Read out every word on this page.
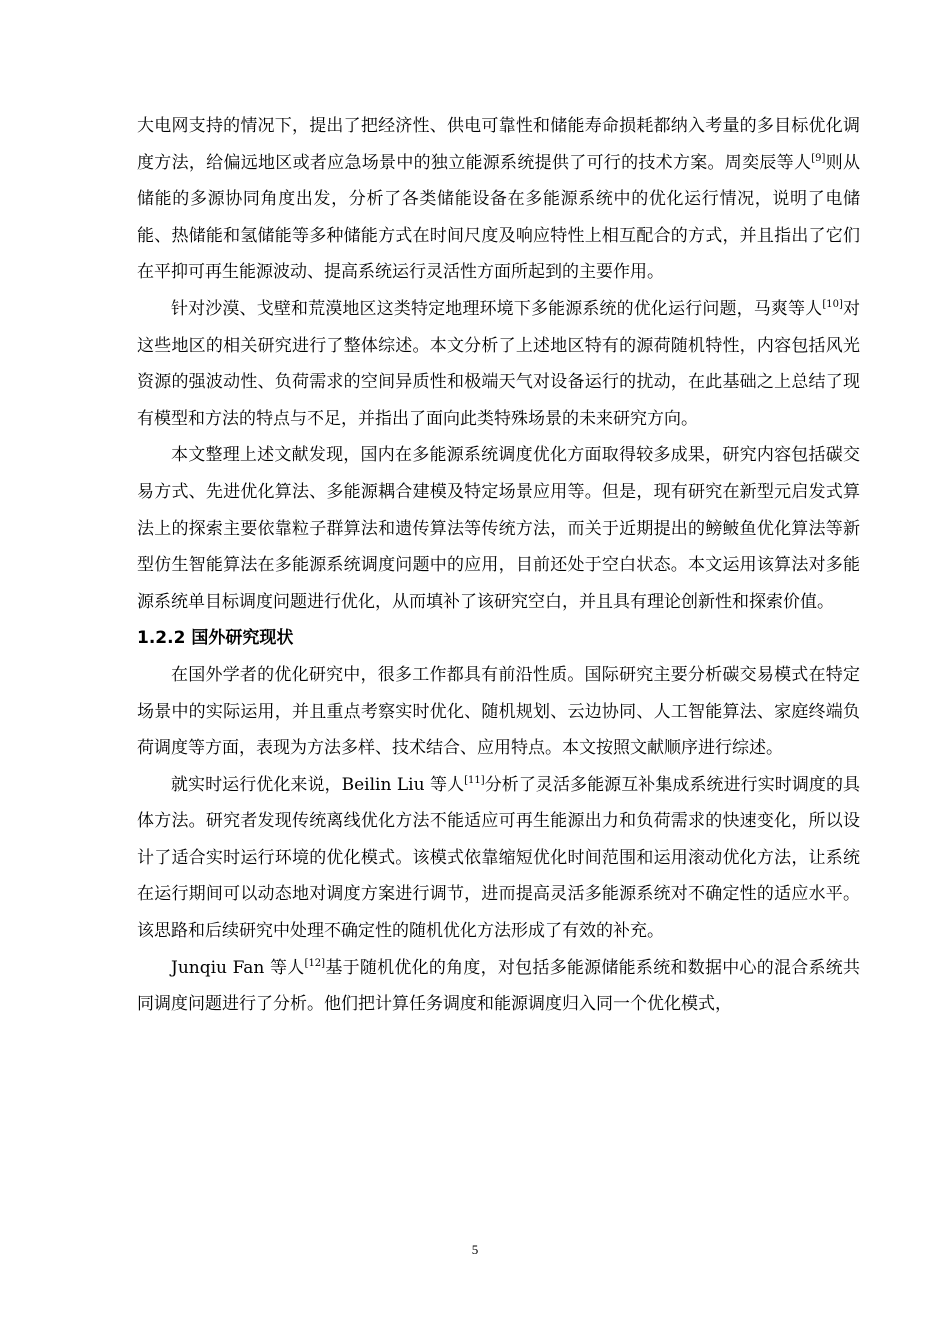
大电网支持的情况下，提出了把经济性、供电可靠性和储能寿命损耗都纳入考量的多目标优化调度方法，给偏远地区或者应急场景中的独立能源系统提供了可行的技术方案。周奕辰等人[9]则从储能的多源协同角度出发，分析了各类储能设备在多能源系统中的优化运行情况，说明了电储能、热储能和氢储能等多种储能方式在时间尺度及响应特性上相互配合的方式，并且指出了它们在平抑可再生能源波动、提高系统运行灵活性方面所起到的主要作用。

针对沙漠、戈壁和荒漠地区这类特定地理环境下多能源系统的优化运行问题，马爽等人[10]对这些地区的相关研究进行了整体综述。本文分析了上述地区特有的源荷随机特性，内容包括风光资源的强波动性、负荷需求的空间异质性和极端天气对设备运行的扰动，在此基础之上总结了现有模型和方法的特点与不足，并指出了面向此类特殊场景的未来研究方向。

本文整理上述文献发现，国内在多能源系统调度优化方面取得较多成果，研究内容包括碳交易方式、先进优化算法、多能源耦合建模及特定场景应用等。但是，现有研究在新型元启发式算法上的探索主要依靠粒子群算法和遗传算法等传统方法，而关于近期提出的鳑鲏鱼优化算法等新型仿生智能算法在多能源系统调度问题中的应用，目前还处于空白状态。本文运用该算法对多能源系统单目标调度问题进行优化，从而填补了该研究空白，并且具有理论创新性和探索价值。

1.2.2 国外研究现状

在国外学者的优化研究中，很多工作都具有前沿性质。国际研究主要分析碳交易模式在特定场景中的实际运用，并且重点考察实时优化、随机规划、云边协同、人工智能算法、家庭终端负荷调度等方面，表现为方法多样、技术结合、应用特点。本文按照文献顺序进行综述。

就实时运行优化来说，Beilin Liu 等人[11]分析了灵活多能源互补集成系统进行实时调度的具体方法。研究者发现传统离线优化方法不能适应可再生能源出力和负荷需求的快速变化，所以设计了适合实时运行环境的优化模式。该模式依靠缩短优化时间范围和运用滚动优化方法，让系统在运行期间可以动态地对调度方案进行调节，进而提高灵活多能源系统对不确定性的适应水平。该思路和后续研究中处理不确定性的随机优化方法形成了有效的补充。

Junqiu Fan 等人[12]基于随机优化的角度，对包括多能源储能系统和数据中心的混合系统共同调度问题进行了分析。他们把计算任务调度和能源调度归入同一个优化模式，

5
